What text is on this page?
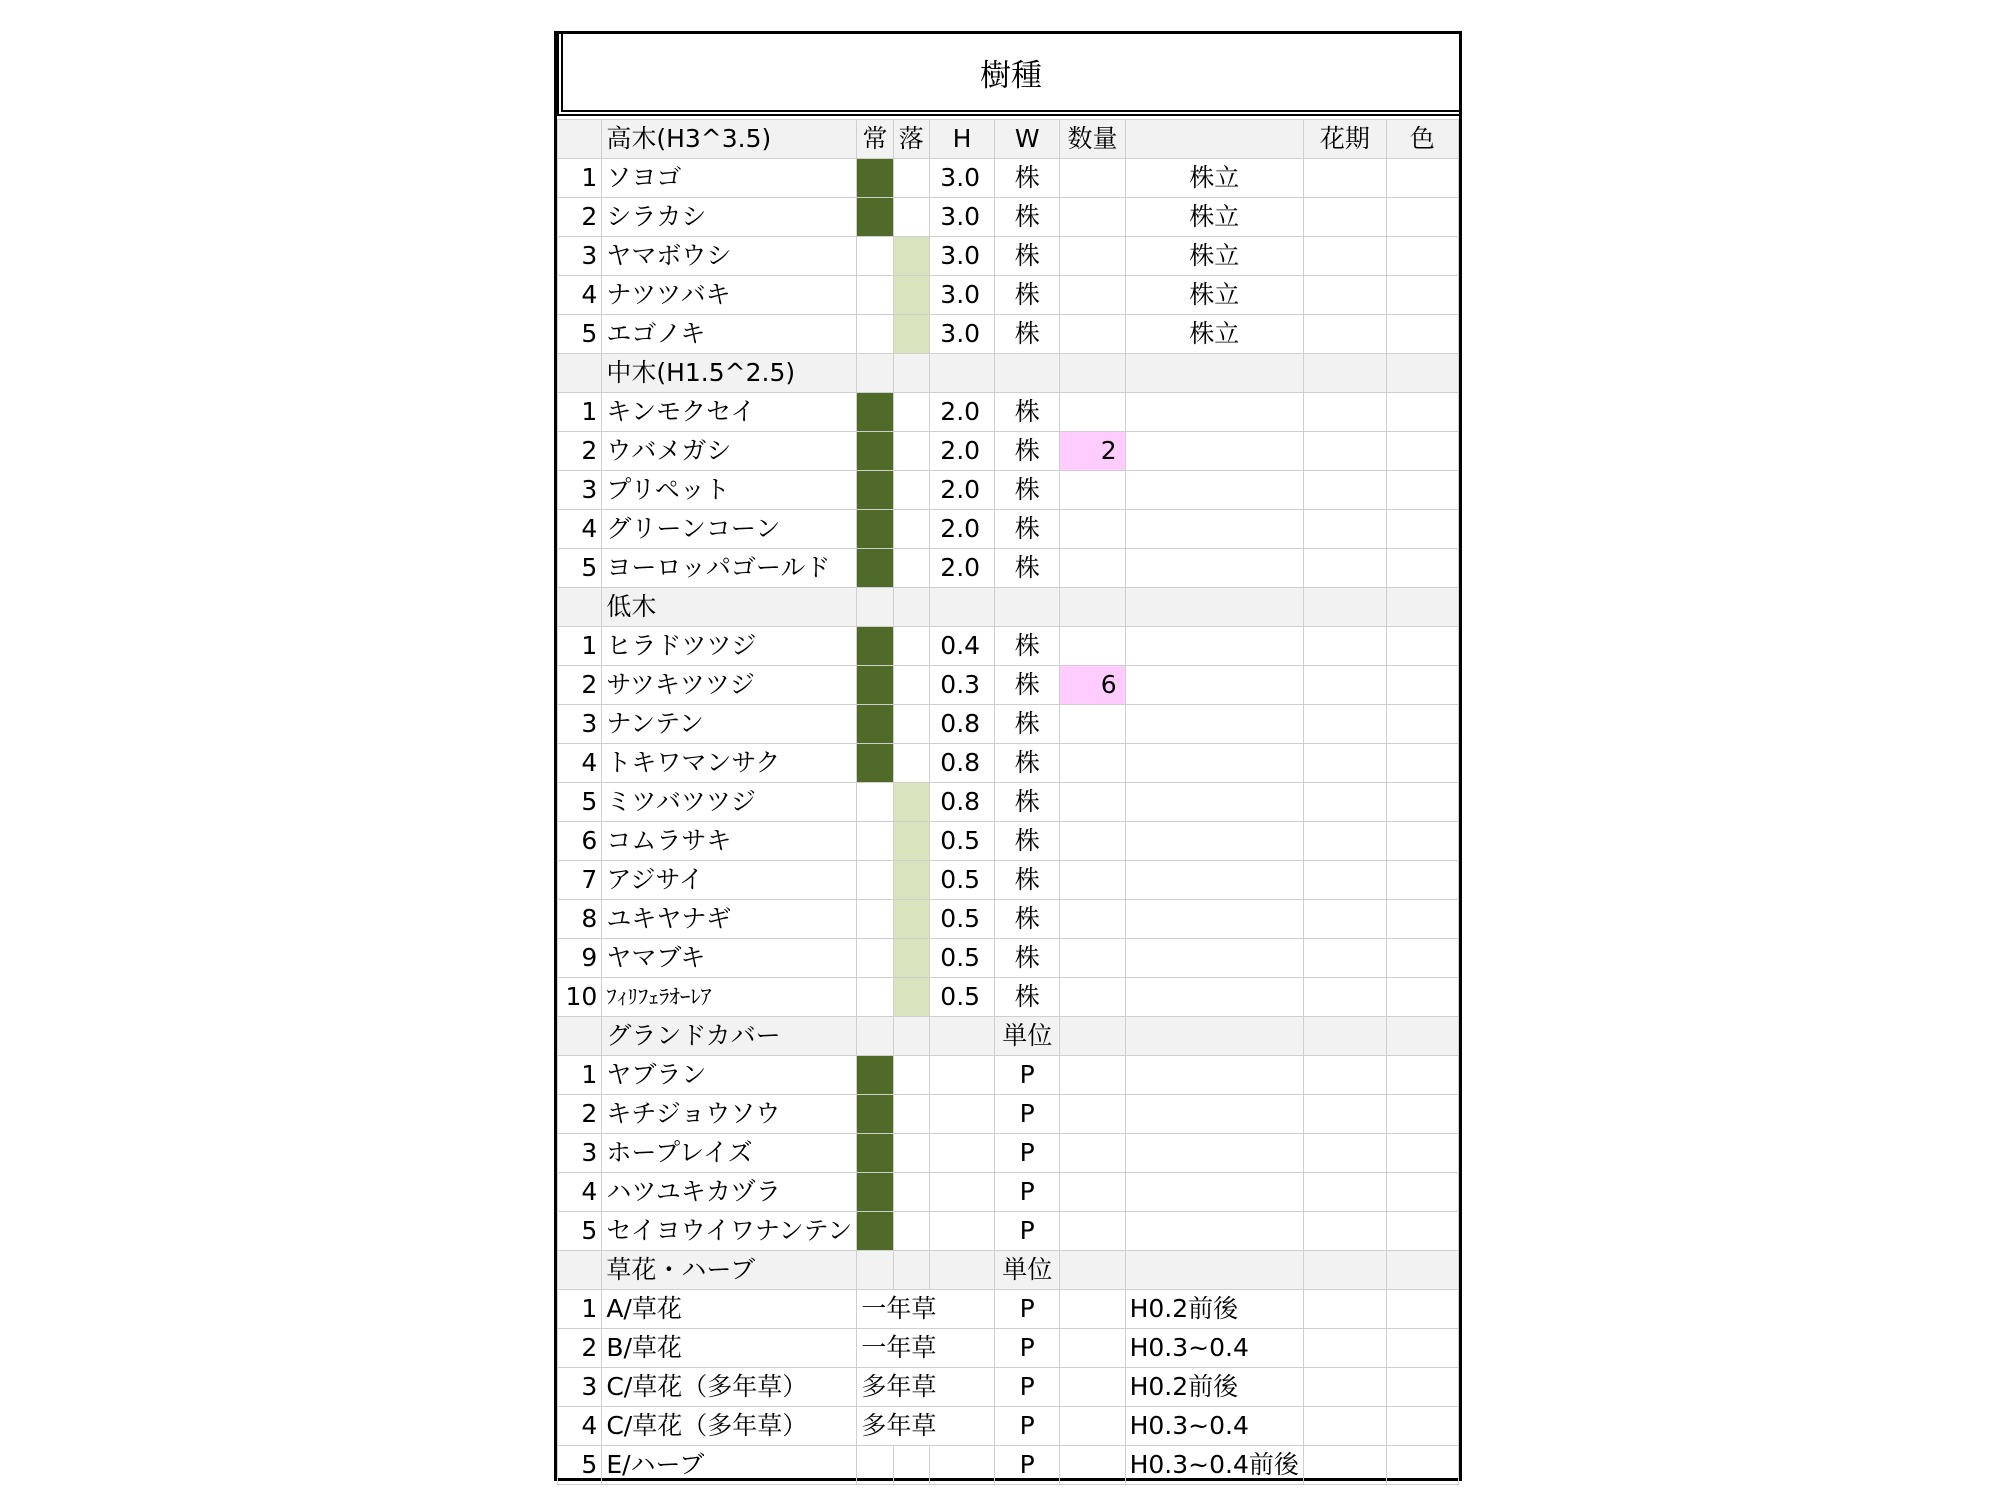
樹種
	高木(H3^3.5)	常	落	H	W	数量		花期	色
1	ソヨゴ			3.0	株		株立		
2	シラカシ			3.0	株		株立		
3	ヤマボウシ			3.0	株		株立		
4	ナツツバキ			3.0	株		株立		
5	エゴノキ			3.0	株		株立		
	中木(H1.5^2.5)								
1	キンモクセイ			2.0	株				
2	ウバメガシ			2.0	株	2			
3	プリペット			2.0	株				
4	グリーンコーン			2.0	株				
5	ヨーロッパゴールド			2.0	株				
	低木								
1	ヒラドツツジ			0.4	株				
2	サツキツツジ			0.3	株	6			
3	ナンテン			0.8	株				
4	トキワマンサク			0.8	株				
5	ミツバツツジ			0.8	株				
6	コムラサキ			0.5	株				
7	アジサイ			0.5	株				
8	ユキヤナギ			0.5	株				
9	ヤマブキ			0.5	株				
10	ﾌｨﾘﾌｪﾗｵｰﾚｱ			0.5	株				
	グランドカバー				単位				
1	ヤブラン				P				
2	キチジョウソウ				P				
3	ホープレイズ				P				
4	ハツユキカヅラ				P				
5	セイヨウイワナンテン				P				
	草花・ハーブ				単位				
1	A/草花	一年草			P		H0.2前後		
2	B/草花	一年草			P		H0.3~0.4		
3	C/草花（多年草）	多年草			P		H0.2前後		
4	C/草花（多年草）	多年草			P		H0.3~0.4		
5	E/ハーブ				P		H0.3~0.4前後		
